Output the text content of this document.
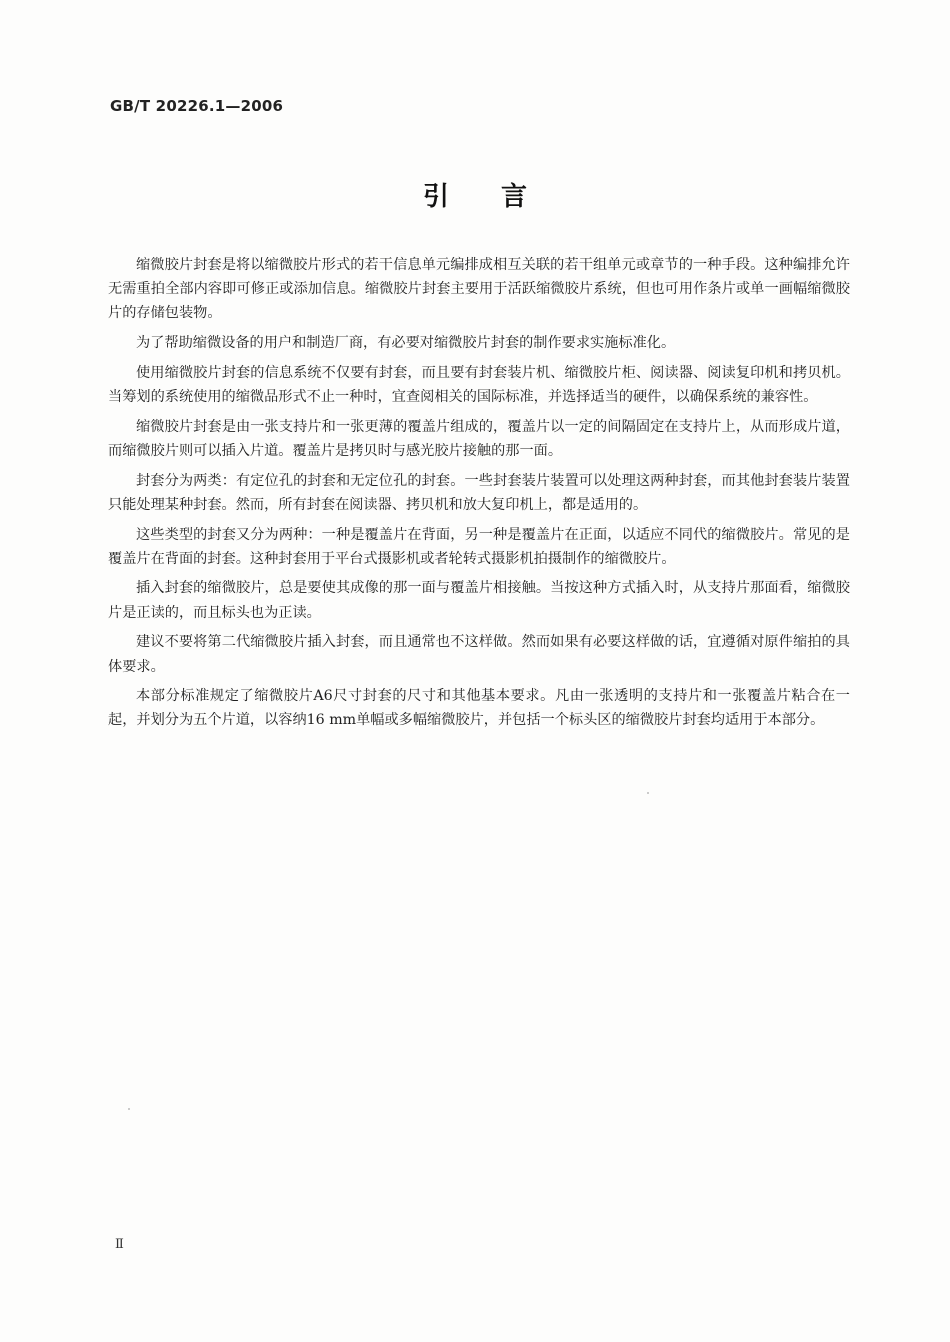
GB/T 20226.1—2006
引言

缩微胶片封套是将以缩微胶片形式的若干信息单元编排成相互关联的若干组单元或章节的一种手段。这种编排允许无需重拍全部内容即可修正或添加信息。缩微胶片封套主要用于活跃缩微胶片系统，但也可用作条片或单一画幅缩微胶片的存储包装物。

为了帮助缩微设备的用户和制造厂商，有必要对缩微胶片封套的制作要求实施标准化。

使用缩微胶片封套的信息系统不仅要有封套，而且要有封套装片机、缩微胶片柜、阅读器、阅读复印机和拷贝机。当筹划的系统使用的缩微品形式不止一种时，宜查阅相关的国际标准，并选择适当的硬件，以确保系统的兼容性。

缩微胶片封套是由一张支持片和一张更薄的覆盖片组成的，覆盖片以一定的间隔固定在支持片上，从而形成片道，而缩微胶片则可以插入片道。覆盖片是拷贝时与感光胶片接触的那一面。

封套分为两类：有定位孔的封套和无定位孔的封套。一些封套装片装置可以处理这两种封套，而其他封套装片装置只能处理某种封套。然而，所有封套在阅读器、拷贝机和放大复印机上，都是适用的。

这些类型的封套又分为两种：一种是覆盖片在背面，另一种是覆盖片在正面，以适应不同代的缩微胶片。常见的是覆盖片在背面的封套。这种封套用于平台式摄影机或者轮转式摄影机拍摄制作的缩微胶片。

插入封套的缩微胶片，总是要使其成像的那一面与覆盖片相接触。当按这种方式插入时，从支持片那面看，缩微胶片是正读的，而且标头也为正读。

建议不要将第二代缩微胶片插入封套，而且通常也不这样做。然而如果有必要这样做的话，宜遵循对原件缩拍的具体要求。

本部分标准规定了缩微胶片A6尺寸封套的尺寸和其他基本要求。凡由一张透明的支持片和一张覆盖片粘合在一起，并划分为五个片道，以容纳16 mm单幅或多幅缩微胶片，并包括一个标头区的缩微胶片封套均适用于本部分。

Ⅱ
